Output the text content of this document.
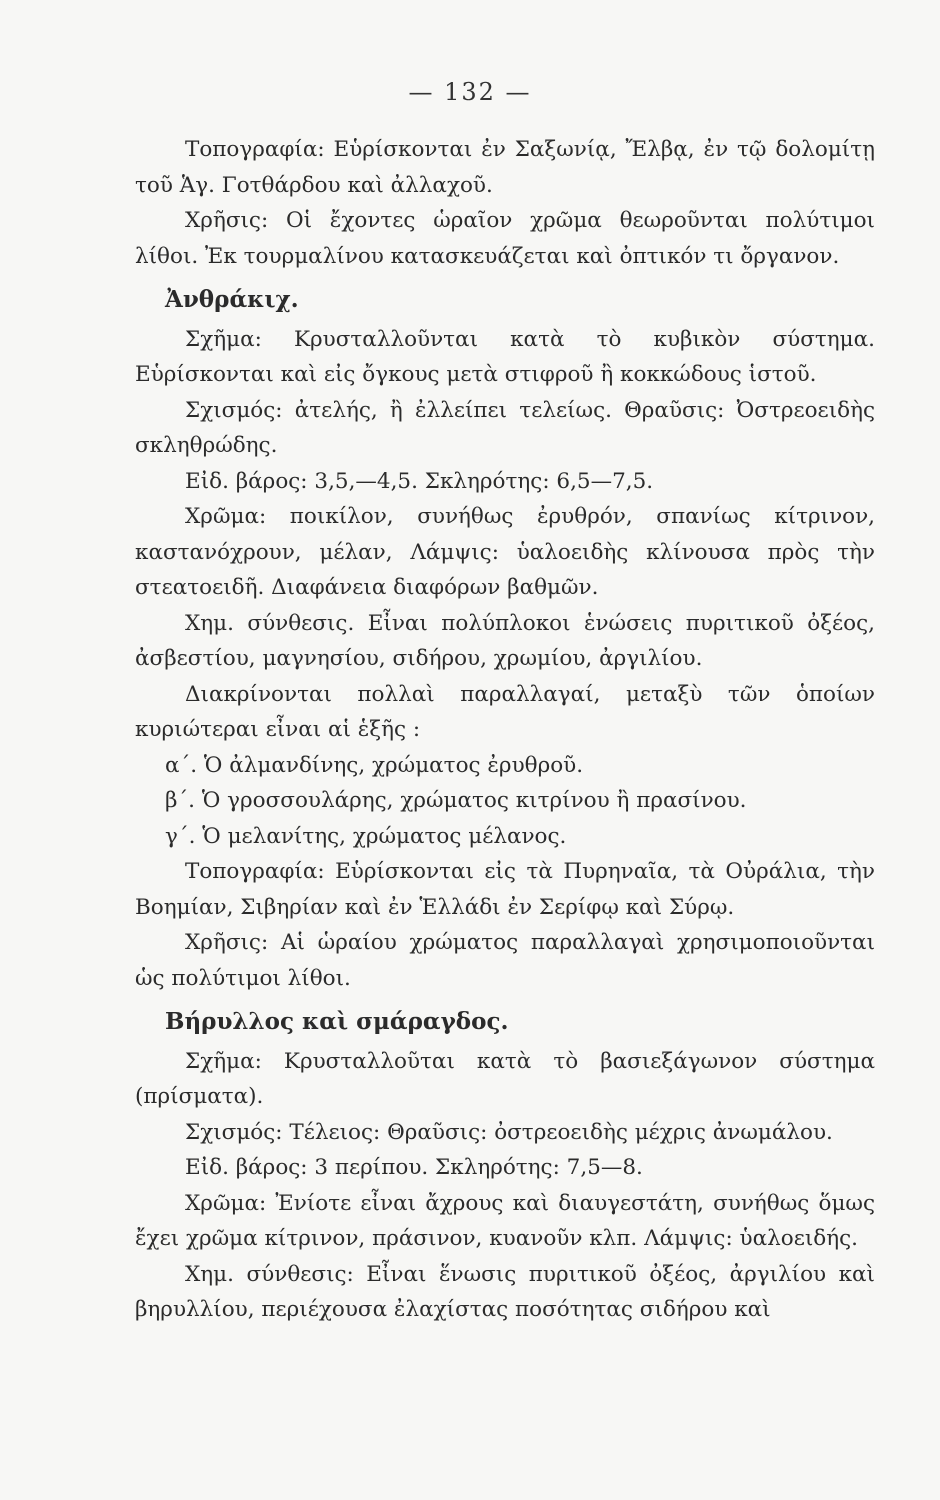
— 132 —
Τοπογραφία: Εὑρίσκονται ἐν Σαξωνίᾳ, Ἔλβᾳ, ἐν τῷ δολομίτῃ τοῦ Ἁγ. Γοτθάρδου καὶ ἀλλαχοῦ.
Χρῆσις: Οἱ ἔχοντες ὡραῖον χρῶμα θεωροῦνται πολύτιμοι λίθοι. Ἐκ τουρμαλίνου κατασκευάζεται καὶ ὀπτικόν τι ὄργανον.
Ἀνθράκιχ.
Σχῆμα: Κρυσταλλοῦνται κατὰ τὸ κυβικὸν σύστημα. Εὑρίσκονται καὶ εἰς ὄγκους μετὰ στιφροῦ ἢ κοκκώδους ἱστοῦ.
Σχισμός: ἀτελής, ἢ ἐλλείπει τελείως. Θραῦσις: Ὀστρεοειδὴς σκληθρώδης.
Εἰδ. βάρος: 3,5,—4,5. Σκληρότης: 6,5—7,5.
Χρῶμα: ποικίλον, συνήθως ἐρυθρόν, σπανίως κίτρινον, καστανόχρουν, μέλαν, Λάμψις: ὑαλοειδὴς κλίνουσα πρὸς τὴν στεατοειδῆ. Διαφάνεια διαφόρων βαθμῶν.
Χημ. σύνθεσις. Εἶναι πολύπλοκοι ἑνώσεις πυριτικοῦ ὀξέος, ἀσβεστίου, μαγνησίου, σιδήρου, χρωμίου, ἀργιλίου.
Διακρίνονται πολλαὶ παραλλαγαί, μεταξὺ τῶν ὁποίων κυριώτεραι εἶναι αἱ ἑξῆς :
α΄. Ὁ ἀλμανδίνης, χρώματος ἐρυθροῦ.
β΄. Ὁ γροσσουλάρης, χρώματος κιτρίνου ἢ πρασίνου.
γ΄. Ὁ μελανίτης, χρώματος μέλανος.
Τοπογραφία: Εὑρίσκονται εἰς τὰ Πυρηναῖα, τὰ Οὐράλια, τὴν Βοημίαν, Σιβηρίαν καὶ ἐν Ἑλλάδι ἐν Σερίφῳ καὶ Σύρῳ.
Χρῆσις: Αἱ ὡραίου χρώματος παραλλαγαὶ χρησιμοποιοῦνται ὡς πολύτιμοι λίθοι.
Βήρυλλος καὶ σμάραγδος.
Σχῆμα: Κρυσταλλοῦται κατὰ τὸ βασιεξάγωνον σύστημα (πρίσματα).
Σχισμός: Τέλειος: Θραῦσις: ὀστρεοειδὴς μέχρις ἀνωμάλου.
Εἰδ. βάρος: 3 περίπου. Σκληρότης: 7,5—8.
Χρῶμα: Ἐνίοτε εἶναι ἄχρους καὶ διαυγεστάτη, συνήθως ὅμως ἔχει χρῶμα κίτρινον, πράσινον, κυανοῦν κλπ. Λάμψις: ὑαλοειδής.
Χημ. σύνθεσις: Εἶναι ἕνωσις πυριτικοῦ ὀξέος, ἀργιλίου καὶ βηρυλλίου, περιέχουσα ἐλαχίστας ποσότητας σιδήρου καὶ
